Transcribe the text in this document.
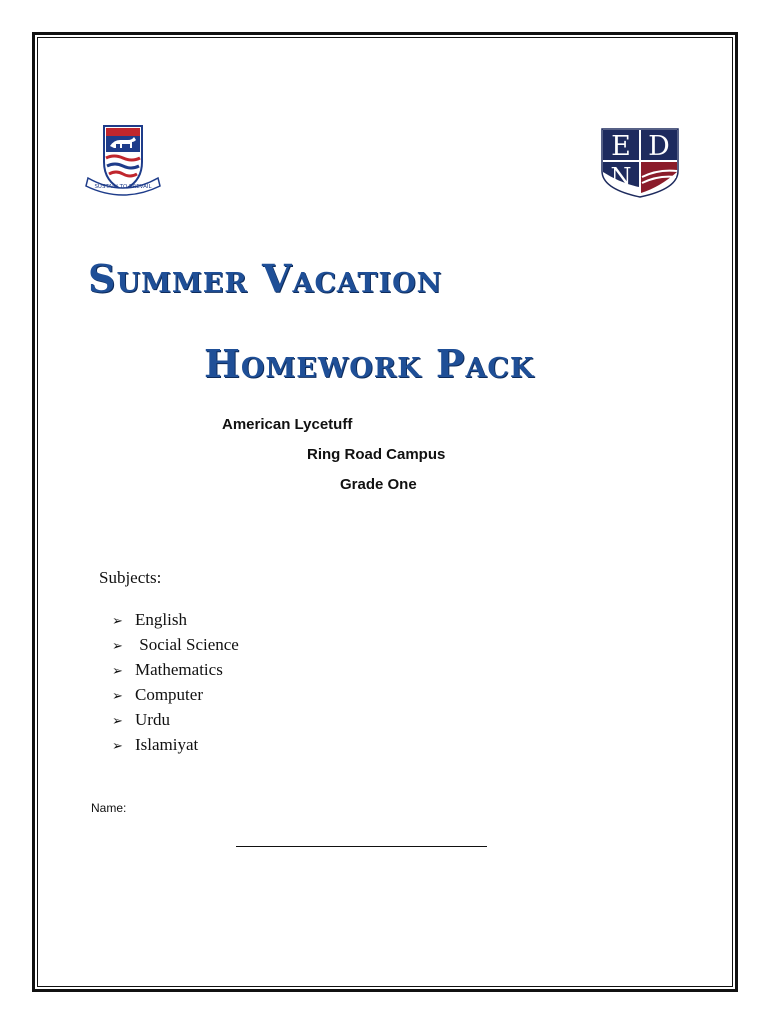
SUSTAIN TO PREVAIL
E D
N
Summer Vacation
Homework Pack
American Lycetuff
Ring Road Campus
Grade One
Subjects:
➢ English
➢ Social Science
➢ Mathematics
➢ Computer
➢ Urdu
➢ Islamiyat
Name:
